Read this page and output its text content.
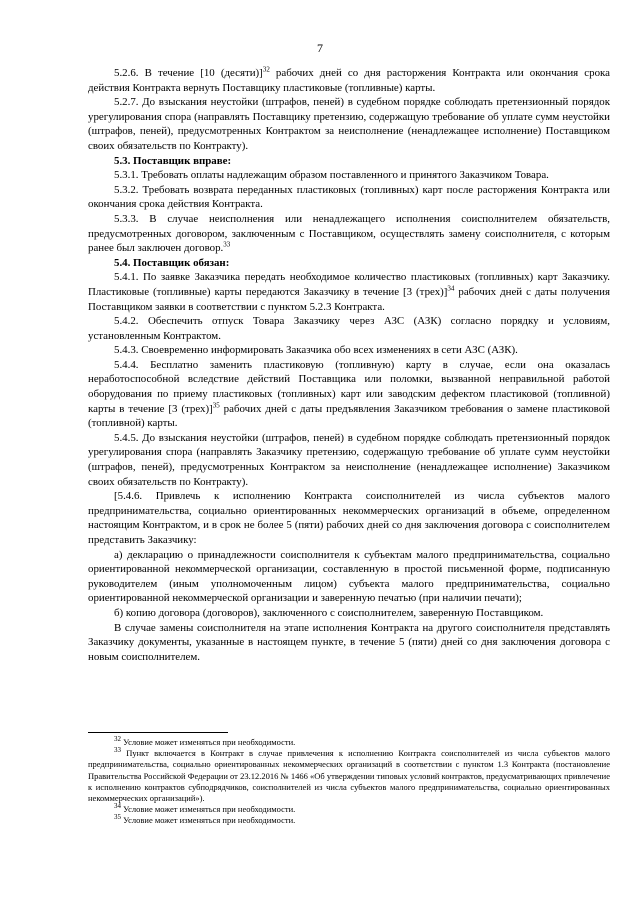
7

5.2.6. В течение [10 (десяти)]$^{32}$ рабочих дней со дня расторжения Контракта или окончания срока действия Контракта вернуть Поставщику пластиковые (топливные) карты.

5.2.7. До взыскания неустойки (штрафов, пеней) в судебном порядке соблюдать претензионный порядок урегулирования спора (направлять Поставщику претензию, содержащую требование об уплате сумм неустойки (штрафов, пеней), предусмотренных Контрактом за неисполнение (ненадлежащее исполнение) Поставщиком своих обязательств по Контракту).

5.3. Поставщик вправе:

5.3.1. Требовать оплаты надлежащим образом поставленного и принятого Заказчиком Товара.

5.3.2. Требовать возврата переданных пластиковых (топливных) карт после расторжения Контракта или окончания срока действия Контракта.

5.3.3. В случае неисполнения или ненадлежащего исполнения соисполнителем обязательств, предусмотренных договором, заключенным с Поставщиком, осуществлять замену соисполнителя, с которым ранее был заключен договор.$^{33}$

5.4. Поставщик обязан:

5.4.1. По заявке Заказчика передать необходимое количество пластиковых (топливных) карт Заказчику. Пластиковые (топливные) карты передаются Заказчику в течение [3 (трех)]$^{34}$ рабочих дней с даты получения Поставщиком заявки в соответствии с пунктом 5.2.3 Контракта.

5.4.2. Обеспечить отпуск Товара Заказчику через АЗС (АЗК) согласно порядку и условиям, установленным Контрактом.

5.4.3. Своевременно информировать Заказчика обо всех изменениях в сети АЗС (АЗК).

5.4.4. Бесплатно заменить пластиковую (топливную) карту в случае, если она оказалась неработоспособной вследствие действий Поставщика или поломки, вызванной неправильной работой оборудования по приему пластиковых (топливных) карт или заводским дефектом пластиковой (топливной) карты в течение [3 (трех)]$^{35}$ рабочих дней с даты предъявления Заказчиком требования о замене пластиковой (топливной) карты.

5.4.5. До взыскания неустойки (штрафов, пеней) в судебном порядке соблюдать претензионный порядок урегулирования спора (направлять Заказчику претензию, содержащую требование об уплате сумм неустойки (штрафов, пеней), предусмотренных Контрактом за неисполнение (ненадлежащее исполнение) Заказчиком своих обязательств по Контракту).

[5.4.6. Привлечь к исполнению Контракта соисполнителей из числа субъектов малого предпринимательства, социально ориентированных некоммерческих организаций в объеме, определенном настоящим Контрактом, и в срок не более 5 (пяти) рабочих дней со дня заключения договора с соисполнителем представить Заказчику:

а) декларацию о принадлежности соисполнителя к субъектам малого предпринимательства, социально ориентированной некоммерческой организации, составленную в простой письменной форме, подписанную руководителем (иным уполномоченным лицом) субъекта малого предпринимательства, социально ориентированной некоммерческой организации и заверенную печатью (при наличии печати);

б) копию договора (договоров), заключенного с соисполнителем, заверенную Поставщиком.

В случае замены соисполнителя на этапе исполнения Контракта на другого соисполнителя представлять Заказчику документы, указанные в настоящем пункте, в течение 5 (пяти) дней со дня заключения договора с новым соисполнителем.

$^{32}$ Условие может изменяться при необходимости.

$^{33}$ Пункт включается в Контракт в случае привлечения к исполнению Контракта соисполнителей из числа субъектов малого предпринимательства, социально ориентированных некоммерческих организаций в соответствии с пунктом 1.3 Контракта (постановление Правительства Российской Федерации от 23.12.2016 № 1466 «Об утверждении типовых условий контрактов, предусматривающих привлечение к исполнению контрактов субподрядчиков, соисполнителей из числа субъектов малого предпринимательства, социально ориентированных некоммерческих организаций»).

$^{34}$ Условие может изменяться при необходимости.

$^{35}$ Условие может изменяться при необходимости.
